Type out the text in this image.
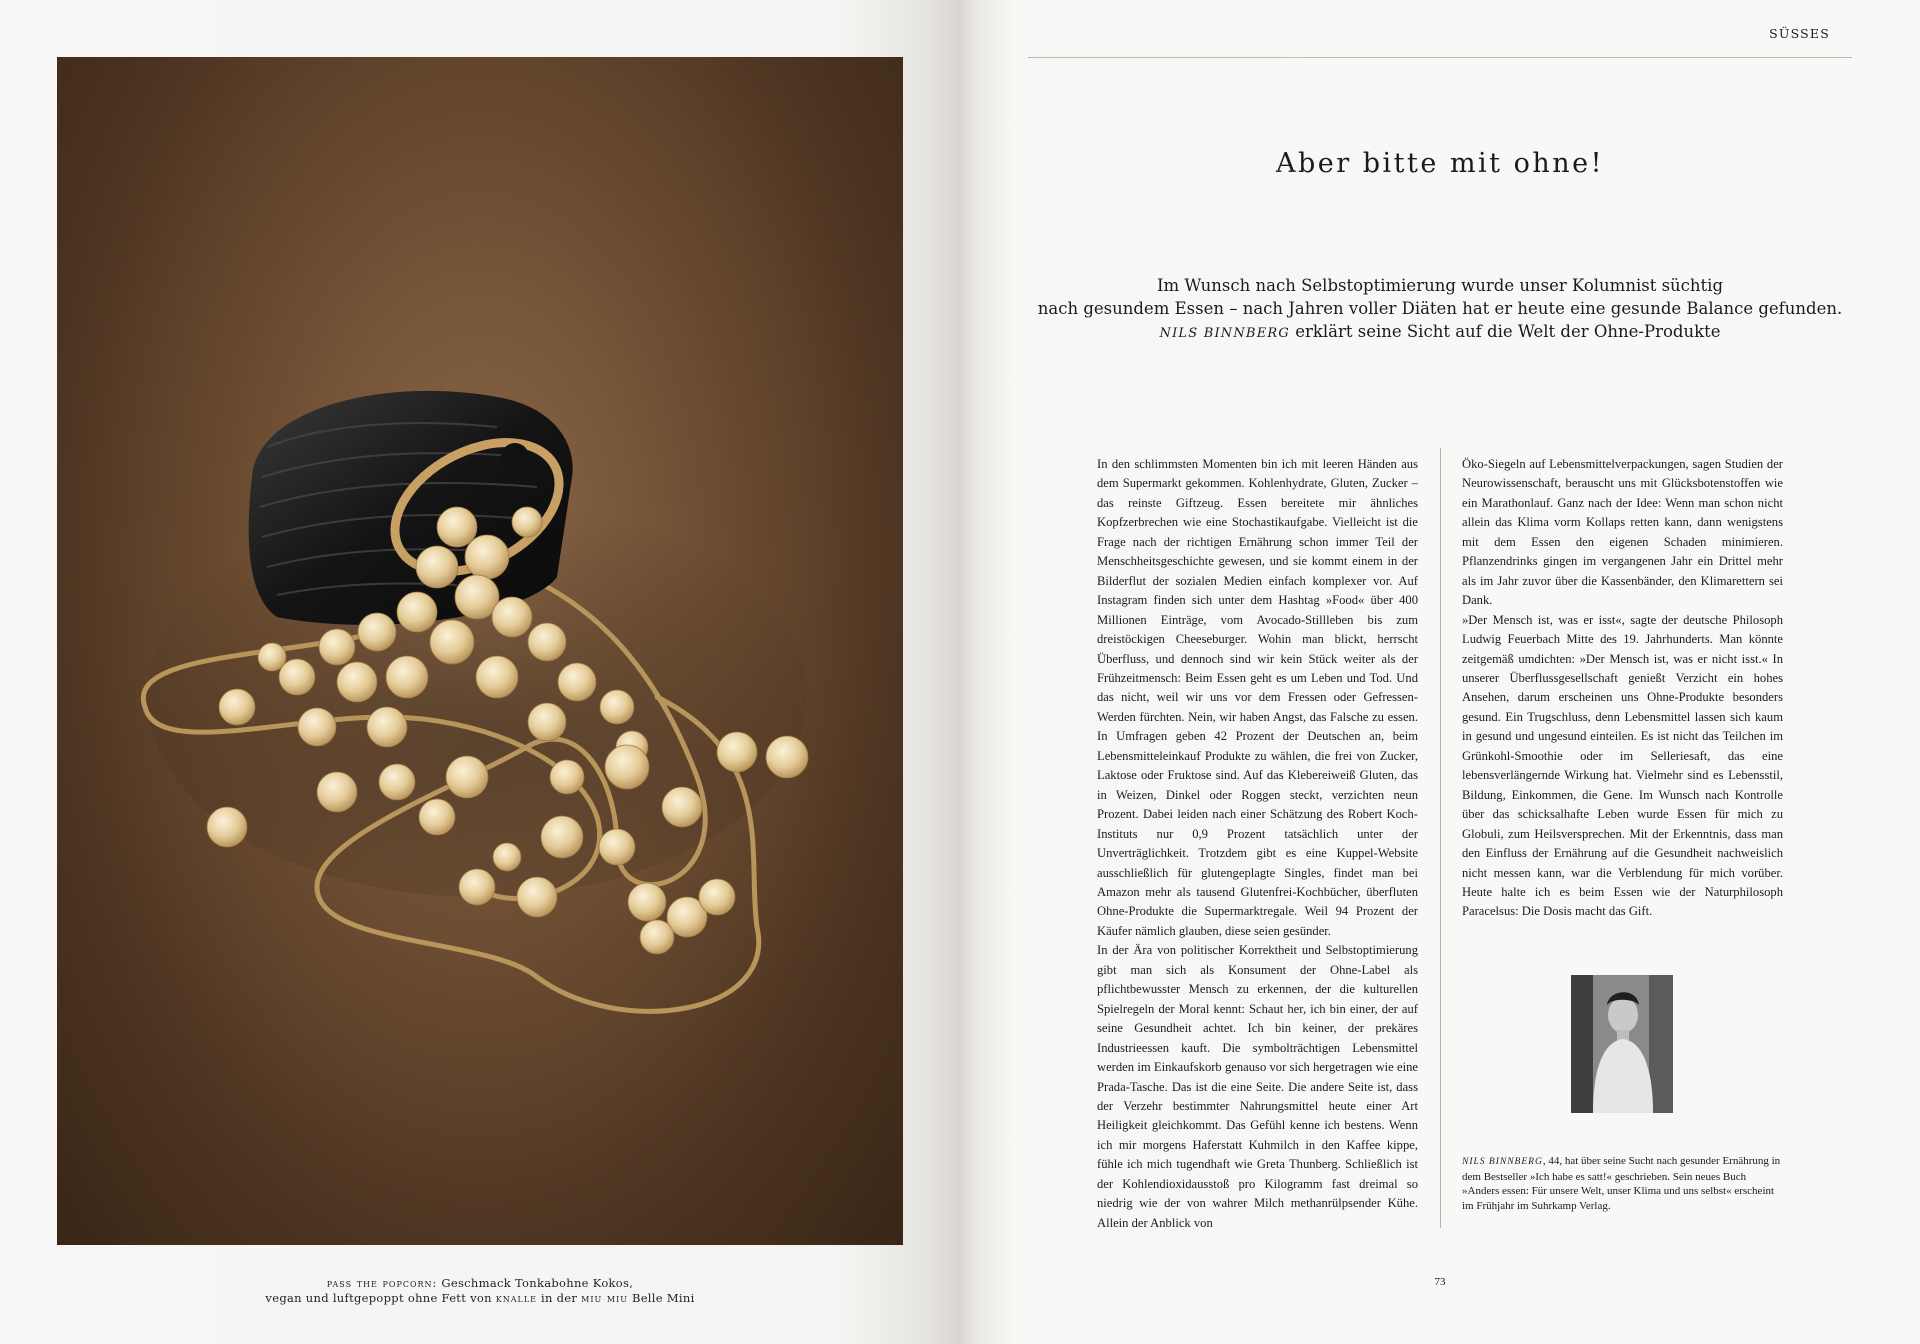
pass the popcorn: Geschmack Tonkabohne Kokos,
vegan und luftgepoppt ohne Fett von knalle in der miu miu Belle Mini
SÜSSES
Aber bitte mit ohne!

Im Wunsch nach Selbstoptimierung wurde unser Kolumnist süchtig
nach gesundem Essen – nach Jahren voller Diäten hat er heute eine gesunde Balance gefunden.
NILS BINNBERG erklärt seine Sicht auf die Welt der Ohne-Produkte

In den schlimmsten Momenten bin ich mit leeren Händen aus dem Supermarkt gekommen. Kohlenhydrate, Gluten, Zucker – das reinste Giftzeug. Essen bereitete mir ähnliches Kopfzerbrechen wie eine Stochastikaufgabe. Vielleicht ist die Frage nach der richtigen Ernährung schon immer Teil der Menschheitsgeschichte gewesen, und sie kommt einem in der Bilderflut der sozialen Medien einfach komplexer vor. Auf Instagram finden sich unter dem Hashtag »Food« über 400 Millionen Einträge, vom Avocado-Stillleben bis zum dreistöckigen Cheeseburger. Wohin man blickt, herrscht Überfluss, und dennoch sind wir kein Stück weiter als der Frühzeitmensch: Beim Essen geht es um Leben und Tod. Und das nicht, weil wir uns vor dem Fressen oder Gefressen-Werden fürchten. Nein, wir haben Angst, das Falsche zu essen. In Umfragen geben 42 Prozent der Deutschen an, beim Lebensmitteleinkauf Produkte zu wählen, die frei von Zucker, Laktose oder Fruktose sind. Auf das Klebereiweiß Gluten, das in Weizen, Dinkel oder Roggen steckt, verzichten neun Prozent. Dabei leiden nach einer Schätzung des Robert Koch-Instituts nur 0,9 Prozent tatsächlich unter der Unverträglichkeit. Trotzdem gibt es eine Kuppel-Website ausschließlich für glutengeplagte Singles, findet man bei Amazon mehr als tausend Glutenfrei-Kochbücher, überfluten Ohne-Produkte die Supermarktregale. Weil 94 Prozent der Käufer nämlich glauben, diese seien gesünder.

In der Ära von politischer Korrektheit und Selbstoptimierung gibt man sich als Konsument der Ohne-Label als pflichtbewusster Mensch zu erkennen, der die kulturellen Spielregeln der Moral kennt: Schaut her, ich bin einer, der auf seine Gesundheit achtet. Ich bin keiner, der prekäres Industrieessen kauft. Die symbolträchtigen Lebensmittel werden im Einkaufskorb genauso vor sich hergetragen wie eine Prada-Tasche. Das ist die eine Seite. Die andere Seite ist, dass der Verzehr bestimmter Nahrungsmittel heute einer Art Heiligkeit gleichkommt. Das Gefühl kenne ich bestens. Wenn ich mir morgens Haferstatt Kuhmilch in den Kaffee kippe, fühle ich mich tugendhaft wie Greta Thunberg. Schließlich ist der Kohlendioxidausstoß pro Kilogramm fast dreimal so niedrig wie der von wahrer Milch methanrülpsender Kühe. Allein der Anblick von

Öko-Siegeln auf Lebensmittelverpackungen, sagen Studien der Neurowissenschaft, berauscht uns mit Glücksbotenstoffen wie ein Marathonlauf. Ganz nach der Idee: Wenn man schon nicht allein das Klima vorm Kollaps retten kann, dann wenigstens mit dem Essen den eigenen Schaden minimieren. Pflanzendrinks gingen im vergangenen Jahr ein Drittel mehr als im Jahr zuvor über die Kassenbänder, den Klimarettern sei Dank.

»Der Mensch ist, was er isst«, sagte der deutsche Philosoph Ludwig Feuerbach Mitte des 19. Jahrhunderts. Man könnte zeitgemäß umdichten: »Der Mensch ist, was er nicht isst.« In unserer Überflussgesellschaft genießt Verzicht ein hohes Ansehen, darum erscheinen uns Ohne-Produkte besonders gesund. Ein Trugschluss, denn Lebensmittel lassen sich kaum in gesund und ungesund einteilen. Es ist nicht das Teilchen im Grünkohl-Smoothie oder im Selleriesaft, das eine lebensverlängernde Wirkung hat. Vielmehr sind es Lebensstil, Bildung, Einkommen, die Gene. Im Wunsch nach Kontrolle über das schicksalhafte Leben wurde Essen für mich zu Globuli, zum Heilsversprechen. Mit der Erkenntnis, dass man den Einfluss der Ernährung auf die Gesundheit nachweislich nicht messen kann, war die Verblendung für mich vorüber. Heute halte ich es beim Essen wie der Naturphilosoph Paracelsus: Die Dosis macht das Gift.

NILS BINNBERG, 44, hat über seine Sucht nach gesunder Ernährung in dem Bestseller »Ich habe es satt!« geschrieben. Sein neues Buch »Anders essen: Für unsere Welt, unser Klima und uns selbst« erscheint im Frühjahr im Suhrkamp Verlag.
73
